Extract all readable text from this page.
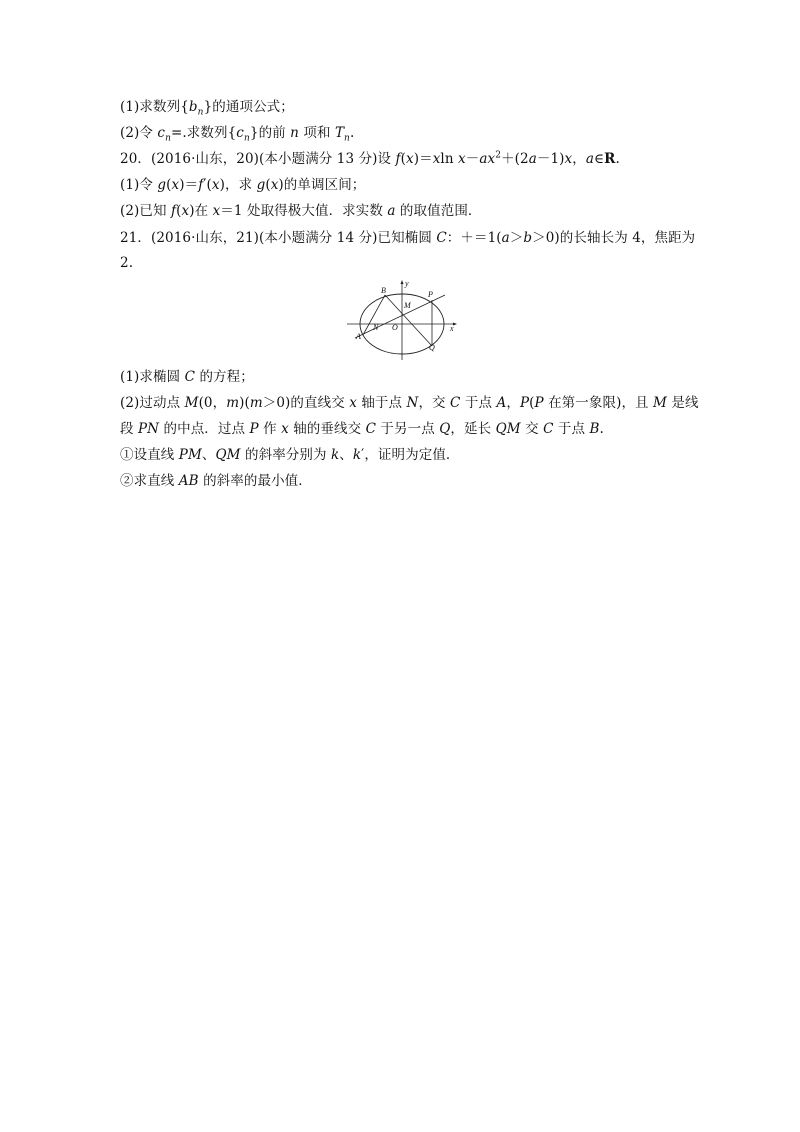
(1)求数列$\{b_n\}$的通项公式；
(2)令 $c_n=$.求数列$\{c_n\}$的前 n 项和 $T_n$.
20．(2016·山东，20)(本小题满分 13 分)设 f(x)＝xln $x-ax^2+(2a-1)x$，a∈R.
(1)令 g(x)＝f′(x)，求 g(x)的单调区间；
(2)已知 f(x)在 x＝1 处取得极大值．求实数 a 的取值范围．
21．(2016·山东，21)(本小题满分 14 分)已知椭圆 C：＋＝1(a＞b＞0)的长轴长为 4，焦距为
2.
y
x
B
M
P
N O
A
Q
(1)求椭圆 C 的方程；
(2)过动点 M(0，m)(m＞0)的直线交 x 轴于点 N，交 C 于点 A，P(P 在第一象限)，且 M 是线
段 PN 的中点．过点 P 作 x 轴的垂线交 C 于另一点 Q，延长 QM 交 C 于点 B.
①设直线 PM、QM 的斜率分别为 k、k′，证明为定值．
②求直线 AB 的斜率的最小值．
